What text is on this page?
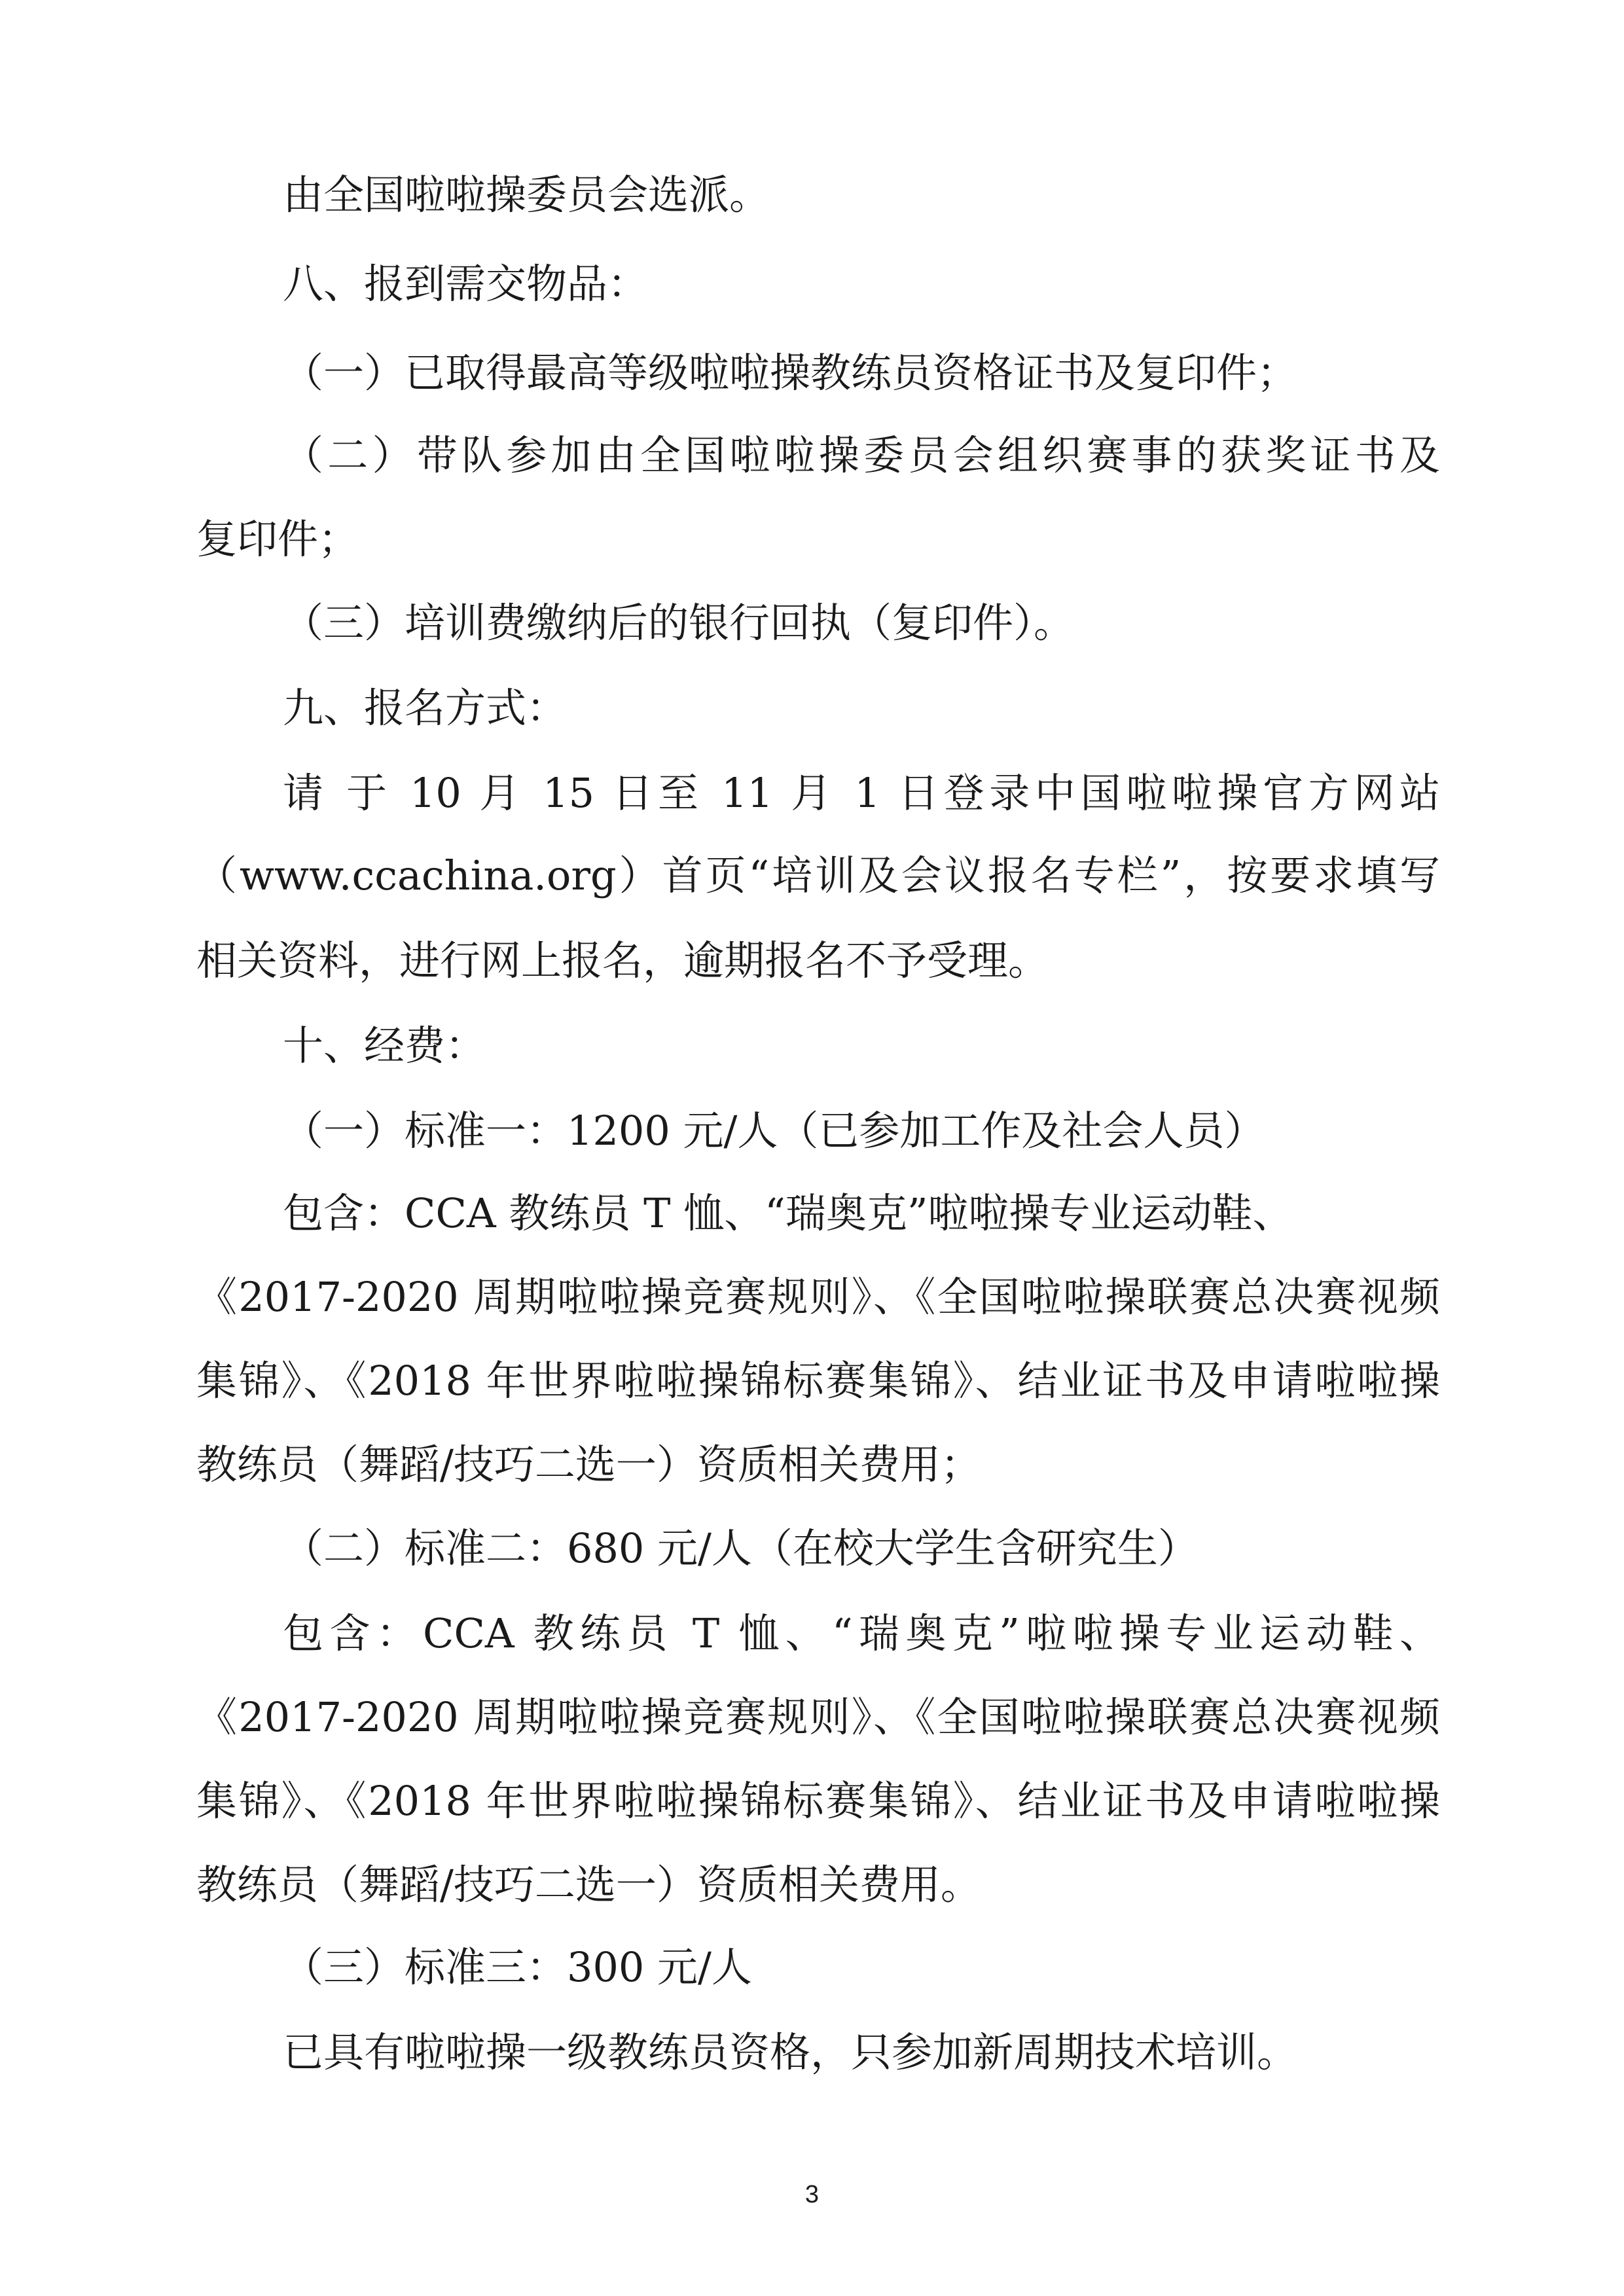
由全国啦啦操委员会选派。
八、报到需交物品：
（一）已取得最高等级啦啦操教练员资格证书及复印件；
（二）带队参加由全国啦啦操委员会组织赛事的获奖证书及
复印件；
（三）培训费缴纳后的银行回执（复印件）。
九、报名方式：
请 于 10 月 15 日至 11 月 1 日登录中国啦啦操官方网站
（www.ccachina.org）首页“培训及会议报名专栏”，按要求填写
相关资料，进行网上报名，逾期报名不予受理。
十、经费：
（一）标准一：1200 元/人（已参加工作及社会人员）
包含：CCA 教练员 T 恤、“瑞奥克”啦啦操专业运动鞋、
《2017-2020 周期啦啦操竞赛规则》、《全国啦啦操联赛总决赛视频
集锦》、《2018 年世界啦啦操锦标赛集锦》、结业证书及申请啦啦操
教练员（舞蹈/技巧二选一）资质相关费用；
（二）标准二：680 元/人（在校大学生含研究生）
包含：CCA 教练员 T 恤、“瑞奥克”啦啦操专业运动鞋、
《2017-2020 周期啦啦操竞赛规则》、《全国啦啦操联赛总决赛视频
集锦》、《2018 年世界啦啦操锦标赛集锦》、结业证书及申请啦啦操
教练员（舞蹈/技巧二选一）资质相关费用。
（三）标准三：300 元/人
已具有啦啦操一级教练员资格，只参加新周期技术培训。
3
